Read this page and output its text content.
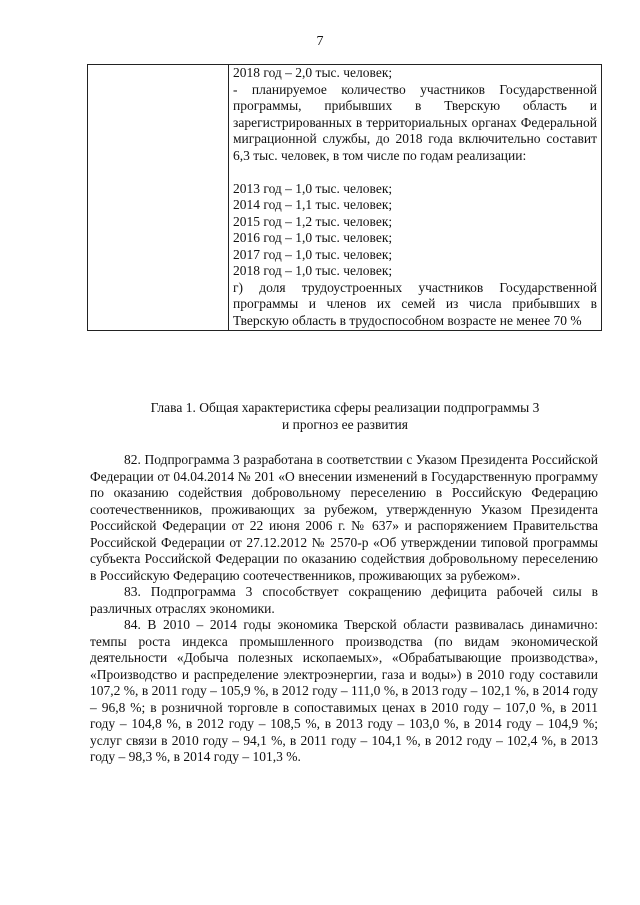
7

2018 год – 2,0 тыс. человек;

- планируемое количество участников Государственной программы, прибывших в Тверскую область и зарегистрированных в территориальных органах Федеральной миграционной службы, до 2018 года включительно составит 6,3 тыс. человек, в том числе по годам реализации:

2013 год – 1,0 тыс. человек;

2014 год – 1,1 тыс. человек;

2015 год – 1,2 тыс. человек;

2016 год – 1,0 тыс. человек;

2017 год – 1,0 тыс. человек;

2018 год – 1,0 тыс. человек;

г) доля трудоустроенных участников Государственной программы и членов их семей из числа прибывших в Тверскую область в трудоспособном возрасте не менее 70 %

Глава 1. Общая характеристика сферы реализации подпрограммы 3
и прогноз ее развития

82. Подпрограмма 3 разработана в соответствии с Указом Президента Российской Федерации от 04.04.2014 № 201 «О внесении изменений в Государственную программу по оказанию содействия добровольному переселению в Российскую Федерацию соотечественников, проживающих за рубежом, утвержденную Указом Президента Российской Федерации от 22 июня 2006 г. № 637» и распоряжением Правительства Российской Федерации от 27.12.2012 № 2570-р «Об утверждении типовой программы субъекта Российской Федерации по оказанию содействия добровольному переселению в Российскую Федерацию соотечественников, проживающих за рубежом».

83. Подпрограмма 3 способствует сокращению дефицита рабочей силы в различных отраслях экономики.

84. В 2010 – 2014 годы экономика Тверской области развивалась динамично: темпы роста индекса промышленного производства (по видам экономической деятельности «Добыча полезных ископаемых», «Обрабатывающие производства», «Производство и распределение электроэнергии, газа и воды») в 2010 году составили 107,2 %, в 2011 году – 105,9 %, в 2012 году – 111,0 %, в 2013 году – 102,1 %, в 2014 году – 96,8 %; в розничной торговле в сопоставимых ценах в 2010 году – 107,0 %, в 2011 году – 104,8 %, в 2012 году – 108,5 %, в 2013 году – 103,0 %, в 2014 году – 104,9 %; услуг связи в 2010 году – 94,1 %, в 2011 году – 104,1 %, в 2012 году – 102,4 %, в 2013 году – 98,3 %, в 2014 году – 101,3 %.
